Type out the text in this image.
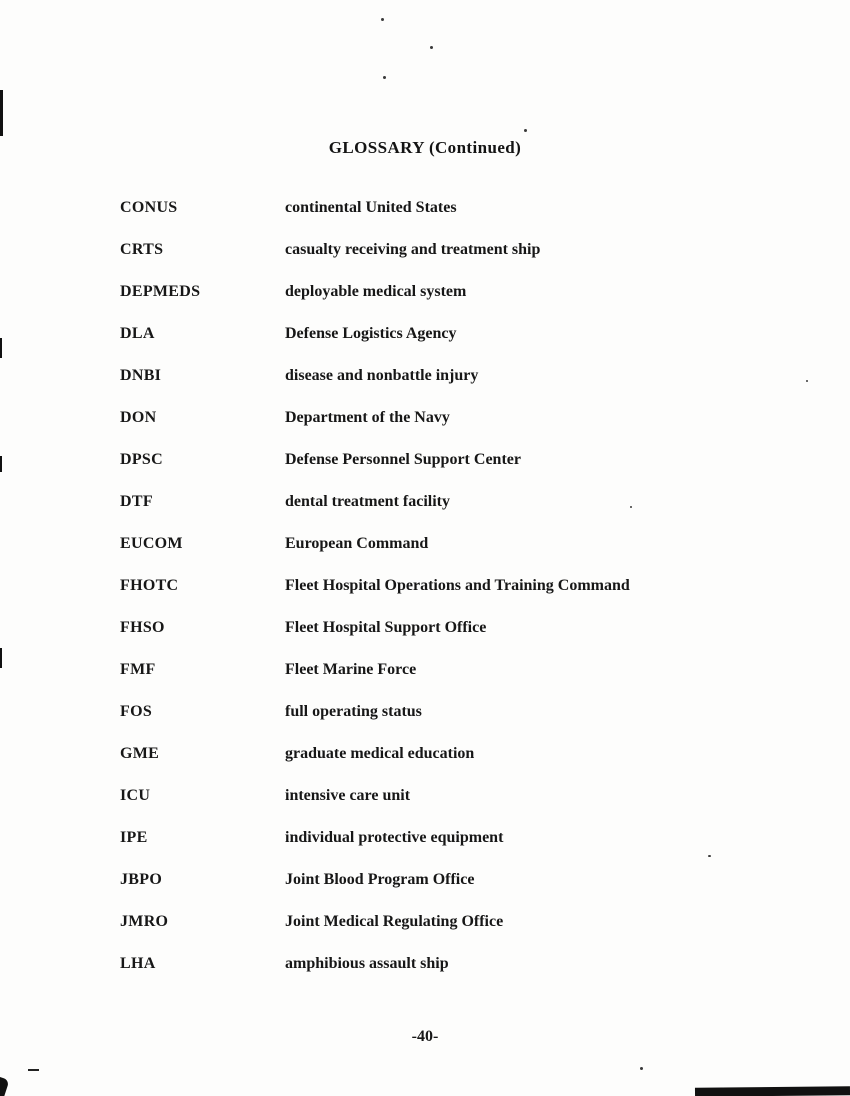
GLOSSARY (Continued)
CONUS	continental United States
CRTS	casualty receiving and treatment ship
DEPMEDS	deployable medical system
DLA	Defense Logistics Agency
DNBI	disease and nonbattle injury
DON	Department of the Navy
DPSC	Defense Personnel Support Center
DTF	dental treatment facility
EUCOM	European Command
FHOTC	Fleet Hospital Operations and Training Command
FHSO	Fleet Hospital Support Office
FMF	Fleet Marine Force
FOS	full operating status
GME	graduate medical education
ICU	intensive care unit
IPE	individual protective equipment
JBPO	Joint Blood Program Office
JMRO	Joint Medical Regulating Office
LHA	amphibious assault ship
-40-
